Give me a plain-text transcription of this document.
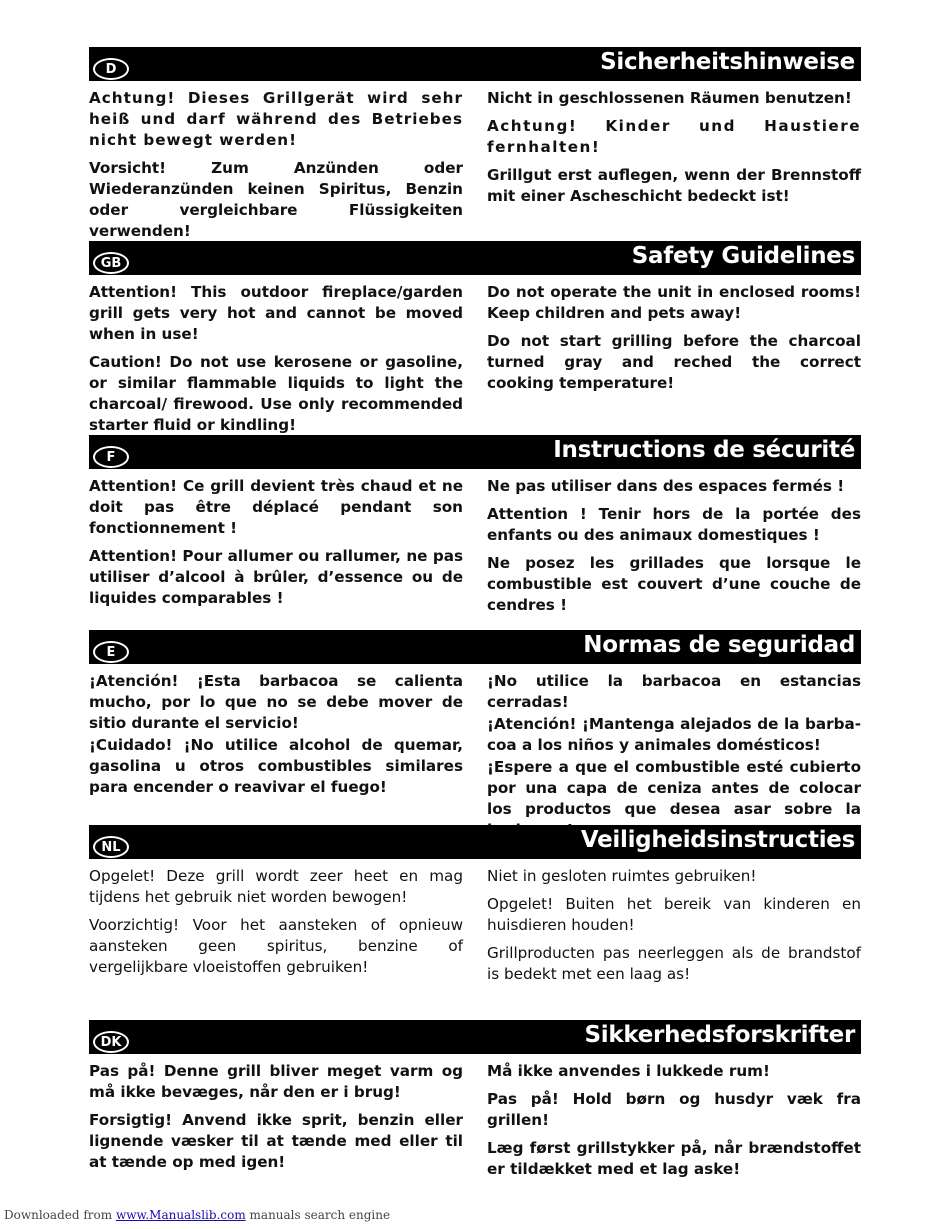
D	Sicherheitshinweise

Achtung! Dieses Grillgerät wird sehr heiß und darf während des Betriebes nicht bewegt werden!

Vorsicht! Zum Anzünden oder Wiederanzünden keinen Spiritus, Benzin oder vergleichbare Flüssigkeiten verwenden!

Nicht in geschlossenen Räumen benutzen!

Achtung! Kinder und Haustiere fernhalten!

Grillgut erst auflegen, wenn der Brennstoff mit einer Ascheschicht bedeckt ist!

GB	Safety Guidelines

Attention! This outdoor fireplace/garden grill gets very hot and cannot be moved when in use!

Caution! Do not use kerosene or gasoline, or similar flammable liquids to light the charcoal/ firewood. Use only recommended starter fluid or kindling!

Do not operate the unit in enclosed rooms! Keep children and pets away!

Do not start grilling before the charcoal turned gray and reched the correct cooking temperature!

F	Instructions de sécurité

Attention! Ce grill devient très chaud et ne doit pas être déplacé pendant son fonctionnement !

Attention! Pour allumer ou rallumer, ne pas utiliser d’alcool à brûler, d’essence ou de liquides comparables !

Ne pas utiliser dans des espaces fermés !

Attention ! Tenir hors de la portée des enfants ou des animaux domestiques !

Ne posez les grillades que lorsque le combustible est couvert d’une couche de cendres !

E	Normas de seguridad

¡Atención! ¡Esta barbacoa se calienta mucho, por lo que no se debe mover de sitio durante el servicio!

¡Cuidado! ¡No utilice alcohol de quemar, gasolina u otros combustibles similares para encender o reavivar el fuego!

¡No utilice la barbacoa en estancias cerradas!

¡Atención! ¡Mantenga alejados de la barba-coa a los niños y animales domésticos!

¡Espere a que el combustible esté cubierto por una capa de ceniza antes de colocar los productos que desea asar sobre la

NL	Veiligheidsinstructies

Opgelet! Deze grill wordt zeer heet en mag tijdens het gebruik niet worden bewogen!

Voorzichtig! Voor het aansteken of opnieuw aansteken geen spiritus, benzine of vergelijkbare vloeistoffen gebruiken!

Niet in gesloten ruimtes gebruiken!

Opgelet! Buiten het bereik van kinderen en huisdieren houden!

Grillproducten pas neerleggen als de brandstof is bedekt met een laag as!

DK	Sikkerhedsforskrifter

Pas på! Denne grill bliver meget varm og må ikke bevæges, når den er i brug!

Forsigtig! Anvend ikke sprit, benzin eller lignende væsker til at tænde med eller til at tænde op med igen!

Må ikke anvendes i lukkede rum!

Pas på! Hold børn og husdyr væk fra grillen!

Læg først grillstykker på, når brændstoffet er tildækket med et lag aske!

Downloaded from www.Manualslib.com manuals search engine
